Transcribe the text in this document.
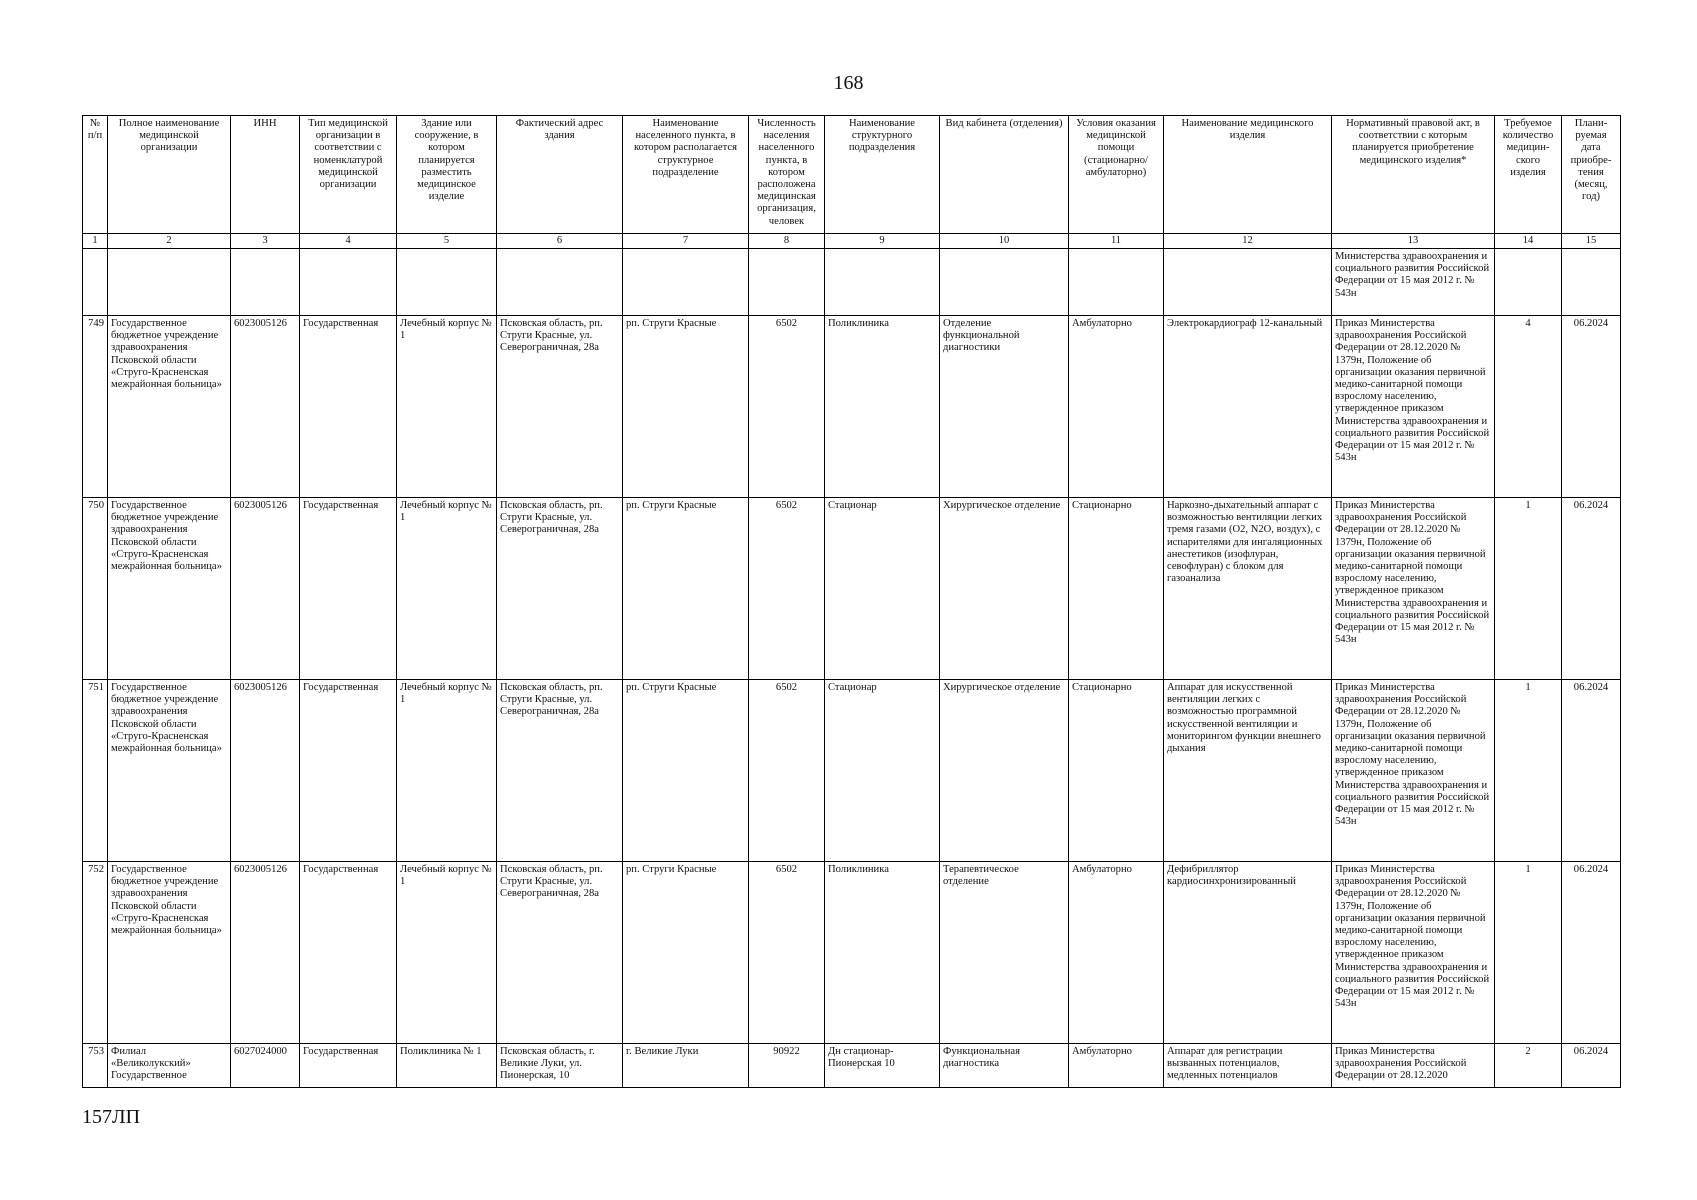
168
№ п/п	Полное наименование медицинской организации	ИНН	Тип медицинской организации в соответствии с номенклатурой медицинской организации	Здание или сооружение, в котором планируется разместить медицинское изделие	Фактический адрес здания	Наименование населенного пункта, в котором располагается структурное подразделение	Численность населения населенного пункта, в котором расположена медицинская организация, человек	Наименование структурного подразделения	Вид кабинета (отделения)	Условия оказания медицинской помощи (стационарно/ амбулаторно)	Наименование медицинского изделия	Нормативный правовой акт, в соответствии с которым планируется приобретение медицинского изделия*	Требуемое количество медицин-ского изделия	Плани-руемая дата приобре-тения (месяц, год)
1	2	3	4	5	6	7	8	9	10	11	12	13	14	15
												Министерства здравоохранения и социального развития Российской Федерации от 15 мая 2012 г. № 543н		
749	Государственное бюджетное учреждение здравоохранения Псковской области «Струго-Красненская межрайонная больница»	6023005126	Государственная	Лечебный корпус № 1	Псковская область, рп. Струги Красные, ул. Северограничная, 28а	рп. Струги Красные	6502	Поликлиника	Отделение функциональной диагностики	Амбулаторно	Электрокардиограф 12-канальный	Приказ Министерства здравоохранения Российской Федерации от 28.12.2020 № 1379н, Положение об организации оказания первичной медико-санитарной помощи взрослому населению, утвержденное приказом Министерства здравоохранения и социального развития Российской Федерации от 15 мая 2012 г. № 543н	4	06.2024
750	Государственное бюджетное учреждение здравоохранения Псковской области «Струго-Красненская межрайонная больница»	6023005126	Государственная	Лечебный корпус № 1	Псковская область, рп. Струги Красные, ул. Северограничная, 28а	рп. Струги Красные	6502	Стационар	Хирургическое отделение	Стационарно	Наркозно-дыхательный аппарат с возможностью вентиляции легких тремя газами (О2, N2O, воздух), с испарителями для ингаляционных анестетиков (изофлуран, севофлуран) с блоком для газоанализа	Приказ Министерства здравоохранения Российской Федерации от 28.12.2020 № 1379н, Положение об организации оказания первичной медико-санитарной помощи взрослому населению, утвержденное приказом Министерства здравоохранения и социального развития Российской Федерации от 15 мая 2012 г. № 543н	1	06.2024
751	Государственное бюджетное учреждение здравоохранения Псковской области «Струго-Красненская межрайонная больница»	6023005126	Государственная	Лечебный корпус № 1	Псковская область, рп. Струги Красные, ул. Северограничная, 28а	рп. Струги Красные	6502	Стационар	Хирургическое отделение	Стационарно	Аппарат для искусственной вентиляции легких с возможностью программной искусственной вентиляции и мониторингом функции внешнего дыхания	Приказ Министерства здравоохранения Российской Федерации от 28.12.2020 № 1379н, Положение об организации оказания первичной медико-санитарной помощи взрослому населению, утвержденное приказом Министерства здравоохранения и социального развития Российской Федерации от 15 мая 2012 г. № 543н	1	06.2024
752	Государственное бюджетное учреждение здравоохранения Псковской области «Струго-Красненская межрайонная больница»	6023005126	Государственная	Лечебный корпус № 1	Псковская область, рп. Струги Красные, ул. Северограничная, 28а	рп. Струги Красные	6502	Поликлиника	Терапевтическое отделение	Амбулаторно	Дефибриллятор кардиосинхронизированный	Приказ Министерства здравоохранения Российской Федерации от 28.12.2020 № 1379н, Положение об организации оказания первичной медико-санитарной помощи взрослому населению, утвержденное приказом Министерства здравоохранения и социального развития Российской Федерации от 15 мая 2012 г. № 543н	1	06.2024
753	Филиал «Великолукский» Государственное	6027024000	Государственная	Поликлиника № 1	Псковская область, г. Великие Луки, ул. Пионерская, 10	г. Великие Луки	90922	Дн стационар-Пионерская 10	Функциональная диагностика	Амбулаторно	Аппарат для регистрации вызванных потенциалов, медленных потенциалов	Приказ Министерства здравоохранения Российской Федерации от 28.12.2020	2	06.2024
157ЛП
